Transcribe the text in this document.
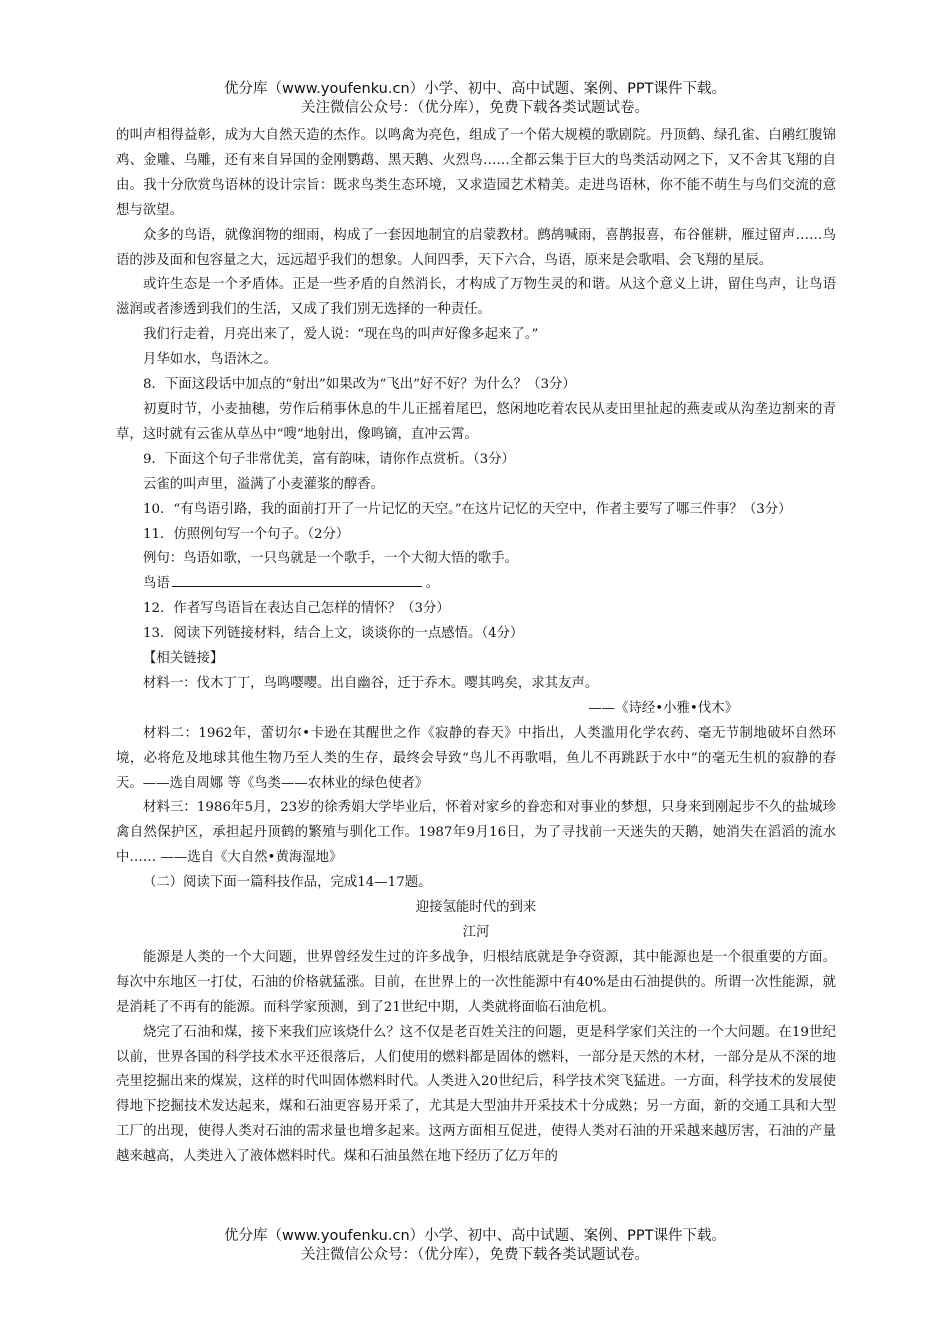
优分库（www.youfenku.cn）小学、初中、高中试题、案例、PPT课件下载。
关注微信公众号：（优分库），免费下载各类试题试卷。

的叫声相得益彰，成为大自然天造的杰作。以鸣禽为亮色，组成了一个偌大规模的歌剧院。丹顶鹤、绿孔雀、白鹇红腹锦鸡、金雕、乌雕，还有来自异国的金刚鹦鹉、黑天鹅、火烈鸟……全都云集于巨大的鸟类活动网之下，又不舍其飞翔的自由。我十分欣赏鸟语林的设计宗旨：既求鸟类生态环境，又求造园艺术精美。走进鸟语林，你不能不萌生与鸟们交流的意想与欲望。

众多的鸟语，就像润物的细雨，构成了一套因地制宜的启蒙教材。鹧鸪喊雨，喜鹊报喜，布谷催耕，雁过留声……鸟语的涉及面和包容量之大，远远超乎我们的想象。人间四季，天下六合，鸟语，原来是会歌唱、会飞翔的星辰。

或许生态是一个矛盾体。正是一些矛盾的自然消长，才构成了万物生灵的和谐。从这个意义上讲，留住鸟声，让鸟语滋润或者渗透到我们的生活，又成了我们别无选择的一种责任。

我们行走着，月亮出来了，爱人说：“现在鸟的叫声好像多起来了。”

月华如水，鸟语沐之。

8．下面这段话中加点的“射出”如果改为“飞出”好不好？为什么？（3分）

初夏时节，小麦抽穗，劳作后稍事休息的牛儿正摇着尾巴，悠闲地吃着农民从麦田里扯起的燕麦或从沟垄边割来的青草，这时就有云雀从草丛中“嗖”地射出，像鸣镝，直冲云霄。

9．下面这个句子非常优美，富有韵味，请你作点赏析。（3分）

云雀的叫声里，溢满了小麦灌浆的醇香。

10．“有鸟语引路，我的面前打开了一片记忆的天空。”在这片记忆的天空中，作者主要写了哪三件事？（3分）

11．仿照例句写一个句子。（2分）

例句：鸟语如歌，一只鸟就是一个歌手，一个大彻大悟的歌手。

鸟语	。

12．作者写鸟语旨在表达自己怎样的情怀？（3分）

13．阅读下列链接材料，结合上文，谈谈你的一点感悟。（4分）

【相关链接】

材料一：伐木丁丁，鸟鸣嘤嘤。出自幽谷，迁于乔木。嘤其鸣矣，求其友声。

——《诗经•小雅•伐木》

材料二：1962年，蕾切尔•卡逊在其醒世之作《寂静的春天》中指出，人类滥用化学农药、毫无节制地破坏自然环境，必将危及地球其他生物乃至人类的生存，最终会导致“鸟儿不再歌唱，鱼儿不再跳跃于水中”的毫无生机的寂静的春天。——选自周娜 等《鸟类——农林业的绿色使者》

材料三：1986年5月，23岁的徐秀娟大学毕业后，怀着对家乡的眷恋和对事业的梦想，只身来到刚起步不久的盐城珍禽自然保护区，承担起丹顶鹤的繁殖与驯化工作。1987年9月16日，为了寻找前一天迷失的天鹅，她消失在滔滔的流水中…… ——选自《大自然•黄海湿地》

（二）阅读下面一篇科技作品，完成14—17题。

迎接氢能时代的到来

江河

能源是人类的一个大问题，世界曾经发生过的许多战争，归根结底就是争夺资源，其中能源也是一个很重要的方面。每次中东地区一打仗，石油的价格就猛涨。目前，在世界上的一次性能源中有40%是由石油提供的。所谓一次性能源，就是消耗了不再有的能源。而科学家预测，到了21世纪中期，人类就将面临石油危机。

烧完了石油和煤，接下来我们应该烧什么？这不仅是老百姓关注的问题，更是科学家们关注的一个大问题。在19世纪以前，世界各国的科学技术水平还很落后，人们使用的燃料都是固体的燃料，一部分是天然的木材，一部分是从不深的地壳里挖掘出来的煤炭，这样的时代叫固体燃料时代。人类进入20世纪后，科学技术突飞猛进。一方面，科学技术的发展使得地下挖掘技术发达起来，煤和石油更容易开采了，尤其是大型油井开采技术十分成熟；另一方面，新的交通工具和大型工厂的出现，使得人类对石油的需求量也增多起来。这两方面相互促进，使得人类对石油的开采越来越厉害，石油的产量越来越高，人类进入了液体燃料时代。煤和石油虽然在地下经历了亿万年的

优分库（www.youfenku.cn）小学、初中、高中试题、案例、PPT课件下载。
关注微信公众号：（优分库），免费下载各类试题试卷。
